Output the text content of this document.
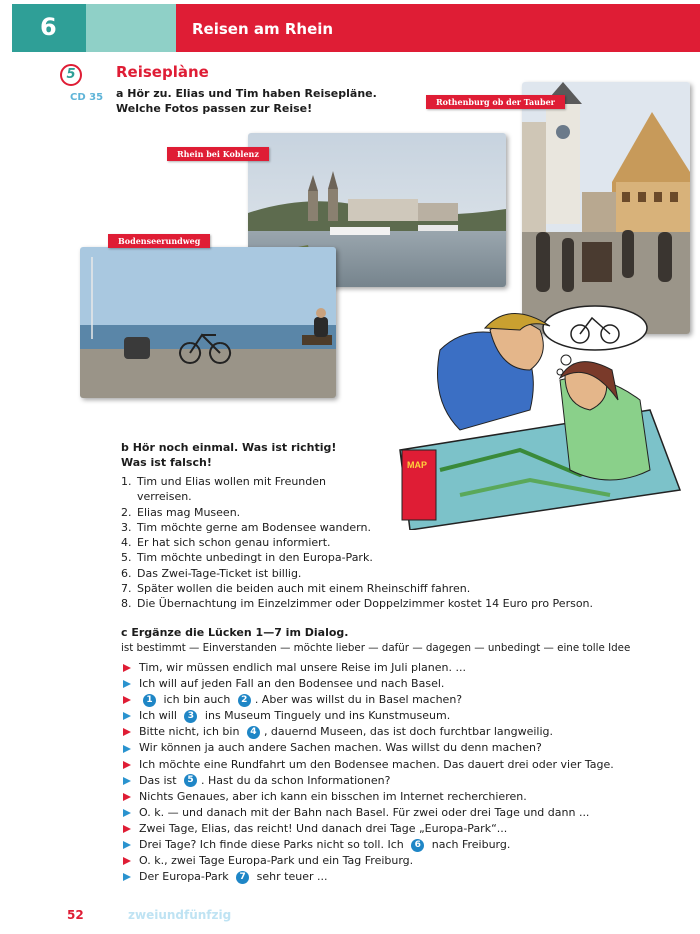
6	Reisen am Rhein
5	Reiseplàne
CD 35 a Hör zu. Elias und Tim haben Reisepläne.
Welche Fotos passen zur Reise!
Rhein bei Koblenz
Rothenburg ob der Tauber
Bodenseerundweg
MAP
b Hör noch einmal. Was ist richtig!
Was ist falsch!
1. Tim und Elias wollen mit Freunden
verreisen.
2. Elias mag Museen.
3. Tim möchte gerne am Bodensee wandern.
4. Er hat sich schon genau informiert.
5. Tim möchte unbedingt in den Europa-Park.
6. Das Zwei-Tage-Ticket ist billig.
7. Später wollen die beiden auch mit einem Rheinschiff fahren.
8. Die Übernachtung im Einzelzimmer oder Doppelzimmer kostet 14 Euro pro Person.
c Ergänze die Lücken 1—7 im Dialog.
ist bestimmt — Einverstanden — möchte lieber — dafür — dagegen — unbedingt — eine tolle Idee
Tim, wir müssen endlich mal unsere Reise im Juli planen. ...
Ich will auf jeden Fall an den Bodensee und nach Basel.
1 ich bin auch 2 . Aber was willst du in Basel machen?
Ich will 3 ins Museum Tinguely und ins Kunstmuseum.
Bitte nicht, ich bin 4 , dauernd Museen, das ist doch furchtbar langweilig.
Wir können ja auch andere Sachen machen. Was willst du denn machen?
Ich möchte eine Rundfahrt um den Bodensee machen. Das dauert drei oder vier Tage.
Das ist 5 . Hast du da schon Informationen?
Nichts Genaues, aber ich kann ein bisschen im Internet recherchieren.
O. k. — und danach mit der Bahn nach Basel. Für zwei oder drei Tage und dann ...
Zwei Tage, Elias, das reicht! Und danach drei Tage „Europa-Park“...
Drei Tage? Ich finde diese Parks nicht so toll. Ich 6 nach Freiburg.
O. k., zwei Tage Europa-Park und ein Tag Freiburg.
Der Europa-Park 7 sehr teuer ...
52	zweiundfünfzig
